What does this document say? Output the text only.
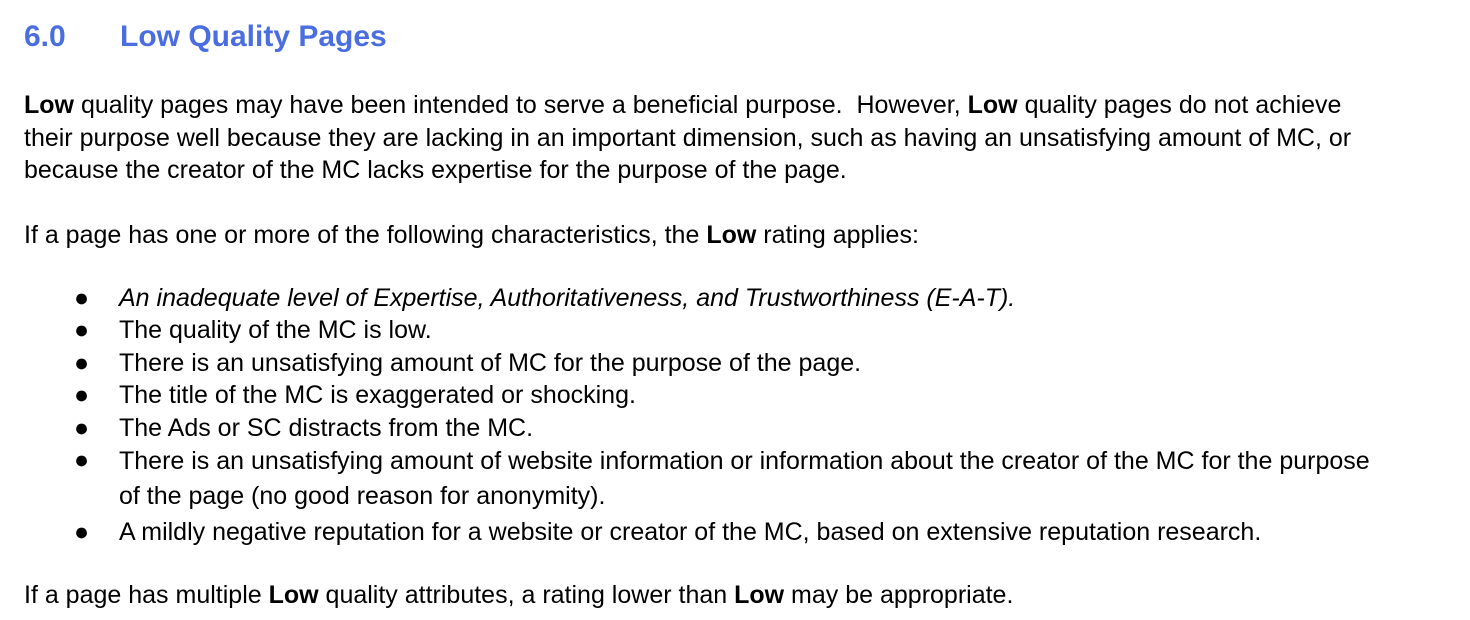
6.0 Low Quality Pages
Low quality pages may have been intended to serve a beneficial purpose.  However, Low quality pages do not achieve
their purpose well because they are lacking in an important dimension, such as having an unsatisfying amount of MC, or
because the creator of the MC lacks expertise for the purpose of the page.
If a page has one or more of the following characteristics, the Low rating applies:
● An inadequate level of Expertise, Authoritativeness, and Trustworthiness (E-A-T).
● The quality of the MC is low.
● There is an unsatisfying amount of MC for the purpose of the page.
● The title of the MC is exaggerated or shocking.
● The Ads or SC distracts from the MC.
● There is an unsatisfying amount of website information or information about the creator of the MC for the purpose
of the page (no good reason for anonymity).
● A mildly negative reputation for a website or creator of the MC, based on extensive reputation research.
If a page has multiple Low quality attributes, a rating lower than Low may be appropriate.
